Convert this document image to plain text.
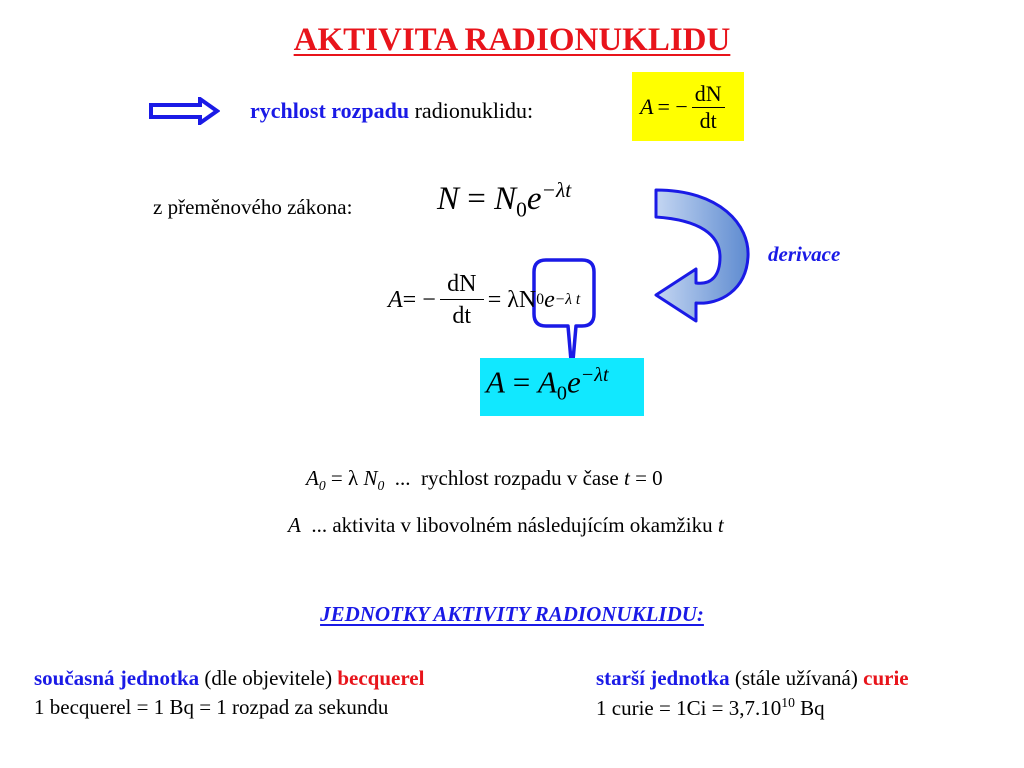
AKTIVITA RADIONUKLIDU
rychlost rozpadu radionuklidu:	A = − $\frac{dN}{dt}$
z přeměnového zákona:	$N = N_0e^{-\lambda t}$
derivace
A = − $\frac{dN}{dt} = \lambda N$ 0 e −λ t
$A = A_0e^{-\lambda t}$
$A_0 = \lambda$ $N_0$  ...  rychlost rozpadu v čase t = 0
A  ... aktivita v libovolném následujícím okamžiku t
JEDNOTKY AKTIVITY RADIONUKLIDU:
současná jednotka (dle objevitele) becquerel
1 becquerel = 1 Bq = 1 rozpad za sekundu
starší jednotka (stále užívaná) curie
1 curie = $1Ci = 3,7.10^{10}$ Bq
